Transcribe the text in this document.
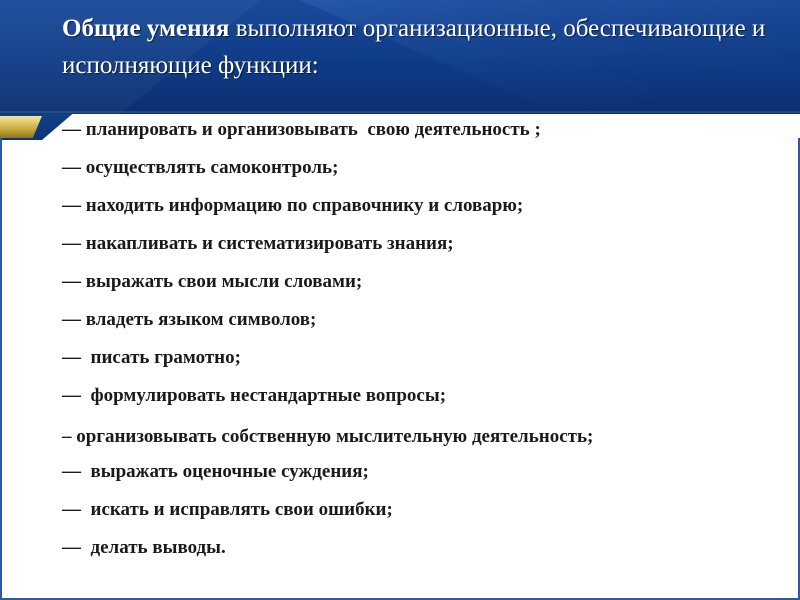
Общие умения выполняют организационные, обеспечивающие и исполняющие функции:
— планировать и организовывать  свою деятельность ;
— осуществлять самоконтроль;
— находить информацию по справочнику и словарю;
— накапливать и систематизировать знания;
— выражать свои мысли словами;
— владеть языком символов;
—  писать грамотно;
—  формулировать нестандартные вопросы;
– организовывать собственную мыслительную деятельность;
—  выражать оценочные суждения;
—  искать и исправлять свои ошибки;
—  делать выводы.
